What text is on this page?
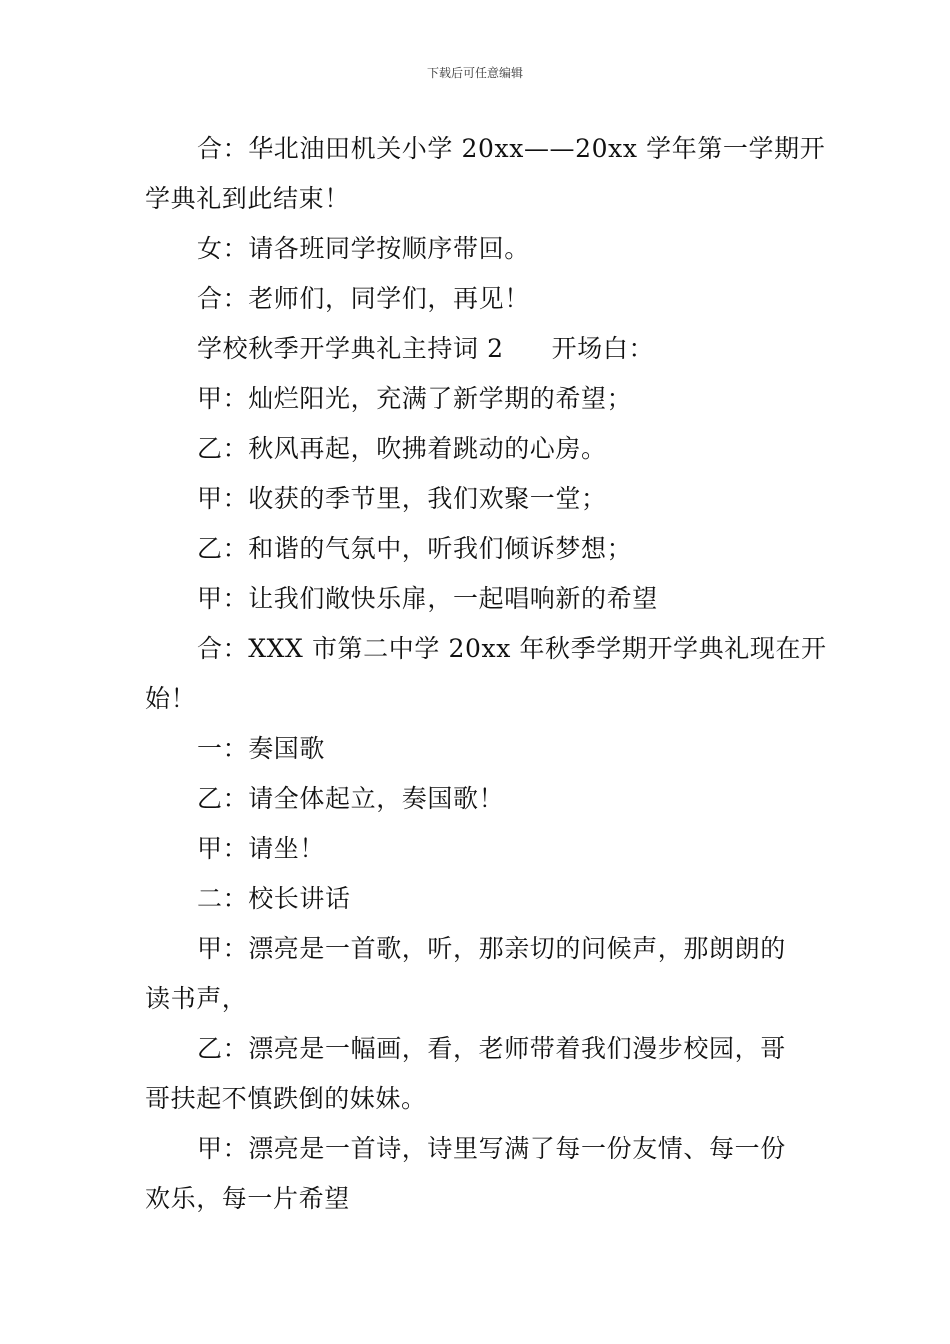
下载后可任意编辑

合：华北油田机关小学 20xx——20xx 学年第一学期开

学典礼到此结束！

女：请各班同学按顺序带回。

合：老师们，同学们，再见！

学校秋季开学典礼主持词 2 开场白：

甲：灿烂阳光，充满了新学期的希望；

乙：秋风再起，吹拂着跳动的心房。

甲：收获的季节里，我们欢聚一堂；

乙：和谐的气氛中，听我们倾诉梦想；

甲：让我们敞快乐扉，一起唱响新的希望

合：XXX 市第二中学 20xx 年秋季学期开学典礼现在开

始！

一：奏国歌

乙：请全体起立，奏国歌！

甲：请坐！

二：校长讲话

甲：漂亮是一首歌，听，那亲切的问候声，那朗朗的

读书声，

乙：漂亮是一幅画，看，老师带着我们漫步校园，哥

哥扶起不慎跌倒的妹妹。

甲：漂亮是一首诗，诗里写满了每一份友情、每一份

欢乐，每一片希望
